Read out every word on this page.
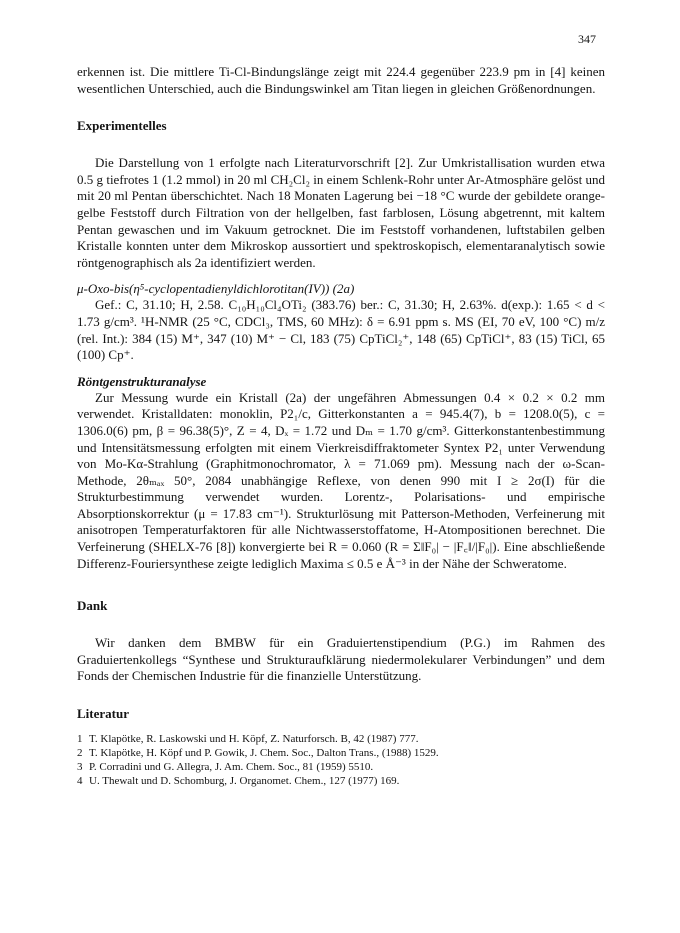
347

erkennen ist. Die mittlere Ti-Cl-Bindungslänge zeigt mit 224.4 gegenüber 223.9 pm in [4] keinen wesentlichen Unterschied, auch die Bindungswinkel am Titan liegen in gleichen Größenordnungen.

Experimentelles

Die Darstellung von 1 erfolgte nach Literaturvorschrift [2]. Zur Umkristallisation wurden etwa 0.5 g tiefrotes 1 (1.2 mmol) in 20 ml CH₂Cl₂ in einem Schlenk-Rohr unter Ar-Atmosphäre gelöst und mit 20 ml Pentan überschichtet. Nach 18 Monaten Lagerung bei −18 °C wurde der gebildete orange-gelbe Feststoff durch Filtration von der hellgelben, fast farblosen, Lösung abgetrennt, mit kaltem Pentan gewaschen und im Vakuum getrocknet. Die im Feststoff vorhandenen, luftstabilen gelben Kristalle konnten unter dem Mikroskop aussortiert und spektroskopisch, elementaranalytisch sowie röntgenographisch als 2a identifiziert werden.

μ-Oxo-bis(η⁵-cyclopentadienyldichlorotitan(IV)) (2a)

Gef.: C, 31.10; H, 2.58. C₁₀H₁₀Cl₄OTi₂ (383.76) ber.: C, 31.30; H, 2.63%. d(exp.): 1.65 < d < 1.73 g/cm³. ¹H-NMR (25 °C, CDCl₃, TMS, 60 MHz): δ = 6.91 ppm s. MS (EI, 70 eV, 100 °C) m/z (rel. Int.): 384 (15) M⁺, 347 (10) M⁺ − Cl, 183 (75) CpTiCl₂⁺, 148 (65) CpTiCl⁺, 83 (15) TiCl, 65 (100) Cp⁺.

Röntgenstrukturanalyse

Zur Messung wurde ein Kristall (2a) der ungefähren Abmessungen 0.4 × 0.2 × 0.2 mm verwendet. Kristalldaten: monoklin, P2₁/c, Gitterkonstanten a = 945.4(7), b = 1208.0(5), c = 1306.0(6) pm, β = 96.38(5)°, Z = 4, Dₓ = 1.72 und Dₘ = 1.70 g/cm³. Gitterkonstantenbestimmung und Intensitätsmessung erfolgten mit einem Vierkreisdiffraktometer Syntex P2₁ unter Verwendung von Mo-Kα-Strahlung (Graphitmonochromator, λ = 71.069 pm). Messung nach der ω-Scan-Methode, 2θₘₐₓ 50°, 2084 unabhängige Reflexe, von denen 990 mit I ≥ 2σ(I) für die Strukturbestimmung verwendet wurden. Lorentz-, Polarisations- und empirische Absorptionskorrektur (μ = 17.83 cm⁻¹). Strukturlösung mit Patterson-Methoden, Verfeinerung mit anisotropen Temperaturfaktoren für alle Nichtwasserstoffatome, H-Atompositionen berechnet. Die Verfeinerung (SHELX-76 [8]) konvergierte bei R = 0.060 (R = Σ‖F₀| − |F꜀‖/|F₀|). Eine abschließende Differenz-Fouriersynthese zeigte lediglich Maxima ≤ 0.5 e Å⁻³ in der Nähe der Schweratome.

Dank

Wir danken dem BMBW für ein Graduiertenstipendium (P.G.) im Rahmen des Graduiertenkollegs “Synthese und Strukturaufklärung niedermolekularer Verbindungen” und dem Fonds der Chemischen Industrie für die finanzielle Unterstützung.

Literatur
1 T. Klapötke, R. Laskowski und H. Köpf, Z. Naturforsch. B, 42 (1987) 777.
2 T. Klapötke, H. Köpf und P. Gowik, J. Chem. Soc., Dalton Trans., (1988) 1529.
3 P. Corradini und G. Allegra, J. Am. Chem. Soc., 81 (1959) 5510.
4 U. Thewalt und D. Schomburg, J. Organomet. Chem., 127 (1977) 169.
